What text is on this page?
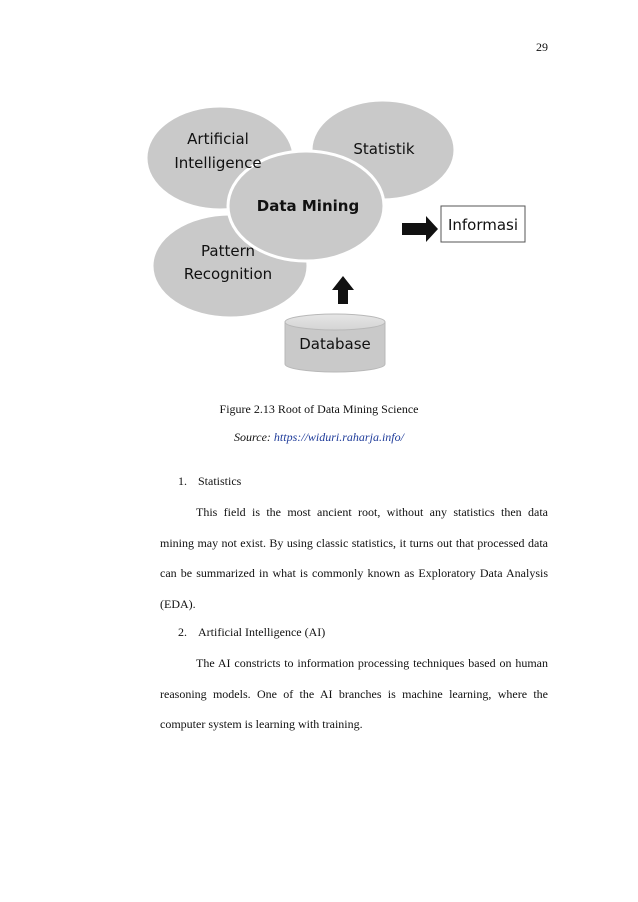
29
Artificial
Intelligence
Statistik
Data Mining
Pattern
Recognition
Database
Informasi
Figure 2.13 Root of Data Mining Science
Source: https://widuri.raharja.info/
1. Statistics
This field is the most ancient root, without any statistics then data mining may not exist. By using classic statistics, it turns out that processed data can be summarized in what is commonly known as Exploratory Data Analysis (EDA).
2. Artificial Intelligence (AI)
The AI constricts to information processing techniques based on human reasoning models. One of the AI branches is machine learning, where the computer system is learning with training.
